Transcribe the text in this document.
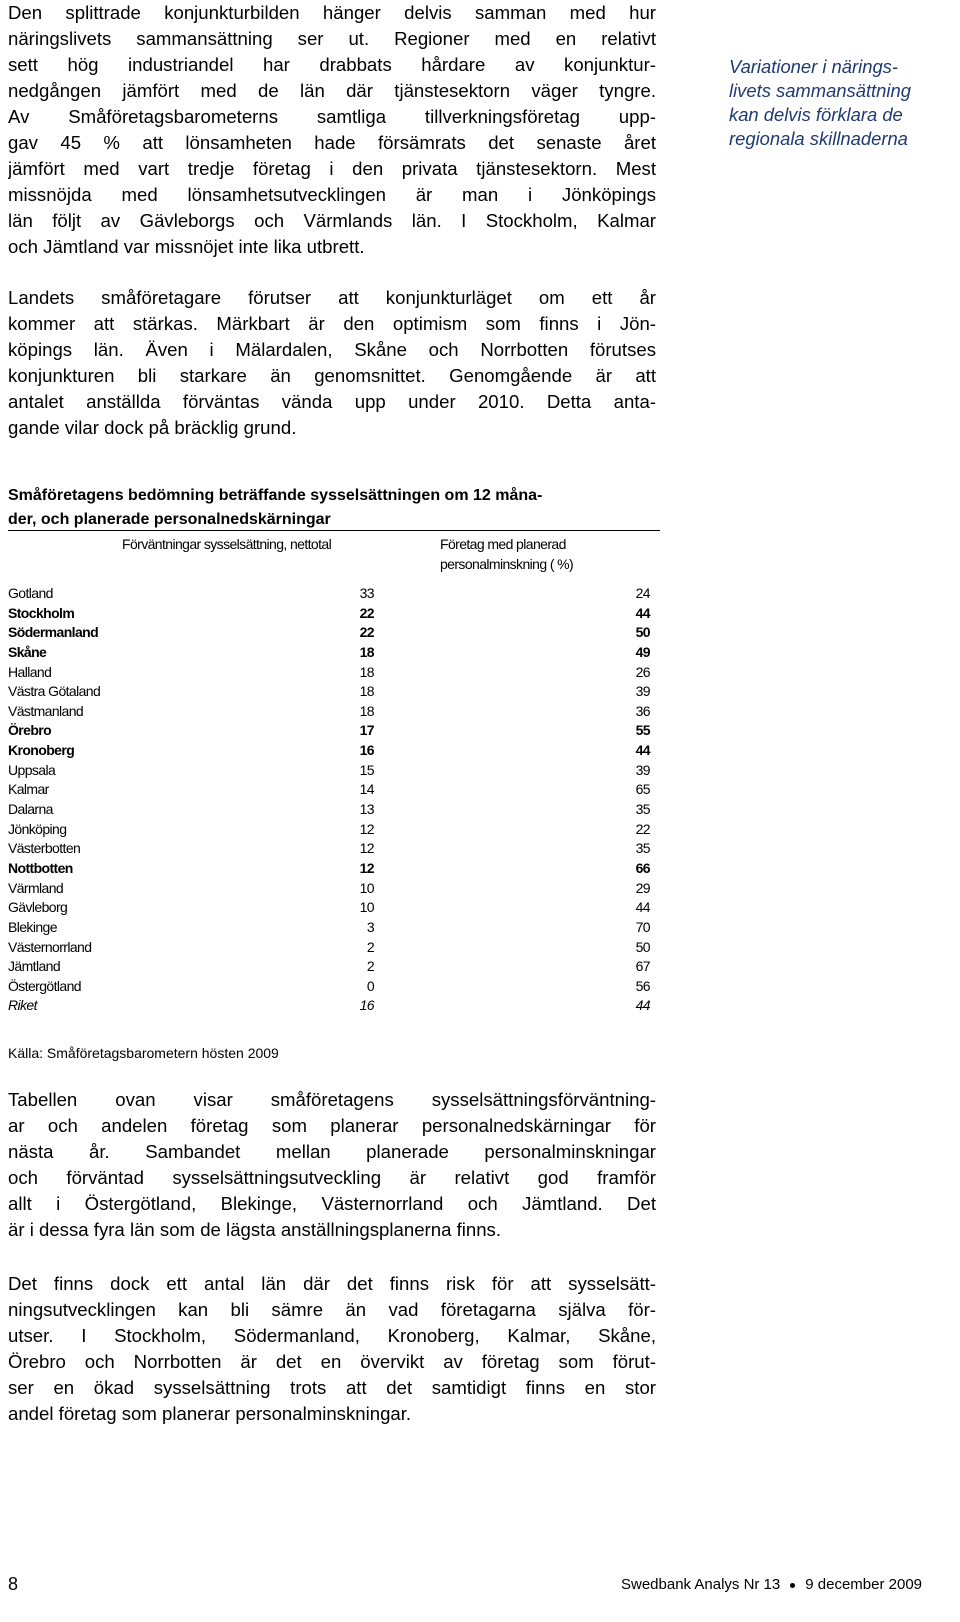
Den splittrade konjunkturbilden hänger delvis samman med hur
näringslivets sammansättning ser ut. Regioner med en relativt
sett hög industriandel har drabbats hårdare av konjunktur-
nedgången jämfört med de län där tjänstesektorn väger tyngre.
Av Småföretagsbarometerns samtliga tillverkningsföretag upp-
gav 45 % att lönsamheten hade försämrats det senaste året
jämfört med vart tredje företag i den privata tjänstesektorn. Mest
missnöjda med lönsamhetsutvecklingen är man i Jönköpings
län följt av Gävleborgs och Värmlands län. I Stockholm, Kalmar
och Jämtland var missnöjet inte lika utbrett.
Variationer i närings-
livets sammansättning
kan delvis förklara de
regionala skillnaderna
Landets småföretagare förutser att konjunkturläget om ett år
kommer att stärkas. Märkbart är den optimism som finns i Jön-
köpings län. Även i Mälardalen, Skåne och Norrbotten förutses
konjunkturen bli starkare än genomsnittet. Genomgående är att
antalet anställda förväntas vända upp under 2010. Detta anta-
gande vilar dock på bräcklig grund.
Småföretagens bedömning beträffande sysselsättningen om 12 måna-
der, och planerade personalnedskärningar
Förväntningar sysselsättning, nettotal	Företag med planerad
personalminskning ( %)
Gotland	33	24
Stockholm	22	44
Södermanland	22	50
Skåne	18	49
Halland	18	26
Västra Götaland	18	39
Västmanland	18	36
Örebro	17	55
Kronoberg	16	44
Uppsala	15	39
Kalmar	14	65
Dalarna	13	35
Jönköping	12	22
Västerbotten	12	35
Nottbotten	12	66
Värmland	10	29
Gävleborg	10	44
Blekinge	3	70
Västernorrland	2	50
Jämtland	2	67
Östergötland	0	56
Riket	16	44
Källa: Småföretagsbarometern hösten 2009
Tabellen ovan visar småföretagens sysselsättningsförväntning-
ar och andelen företag som planerar personalnedskärningar för
nästa år. Sambandet mellan planerade personalminskningar
och förväntad sysselsättningsutveckling är relativt god framför
allt i Östergötland, Blekinge, Västernorrland och Jämtland. Det
är i dessa fyra län som de lägsta anställningsplanerna finns.
Det finns dock ett antal län där det finns risk för att sysselsätt-
ningsutvecklingen kan bli sämre än vad företagarna själva för-
utser. I Stockholm, Södermanland, Kronoberg, Kalmar, Skåne,
Örebro och Norrbotten är det en övervikt av företag som förut-
ser en ökad sysselsättning trots att det samtidigt finns en stor
andel företag som planerar personalminskningar.
8	Swedbank Analys Nr 13 9 december 2009
